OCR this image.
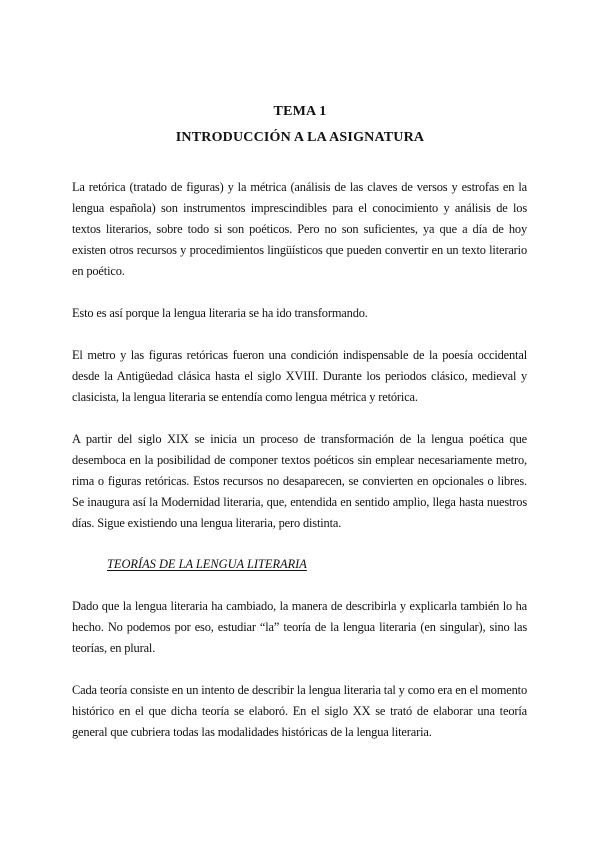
TEMA 1

INTRODUCCIÓN A LA ASIGNATURA

La retórica (tratado de figuras) y la métrica (análisis de las claves de versos y estrofas en la lengua española) son instrumentos imprescindibles para el conocimiento y análisis de los textos literarios, sobre todo si son poéticos. Pero no son suficientes, ya que a día de hoy existen otros recursos y procedimientos lingüísticos que pueden convertir en un texto literario en poético.

Esto es así porque la lengua literaria se ha ido transformando.

El metro y las figuras retóricas fueron una condición indispensable de la poesía occidental desde la Antigüedad clásica hasta el siglo XVIII. Durante los periodos clásico, medieval y clasicista, la lengua literaria se entendía como lengua métrica y retórica.

A partir del siglo XIX se inicia un proceso de transformación de la lengua poética que desemboca en la posibilidad de componer textos poéticos sin emplear necesariamente metro, rima o figuras retóricas. Estos recursos no desaparecen, se convierten en opcionales o libres. Se inaugura así la Modernidad literaria, que, entendida en sentido amplio, llega hasta nuestros días. Sigue existiendo una lengua literaria, pero distinta.

TEORÍAS DE LA LENGUA LITERARIA

Dado que la lengua literaria ha cambiado, la manera de describirla y explicarla también lo ha hecho. No podemos por eso, estudiar “la” teoría de la lengua literaria (en singular), sino las teorías, en plural.

Cada teoría consiste en un intento de describir la lengua literaria tal y como era en el momento histórico en el que dicha teoría se elaboró. En el siglo XX se trató de elaborar una teoría general que cubriera todas las modalidades históricas de la lengua literaria.
